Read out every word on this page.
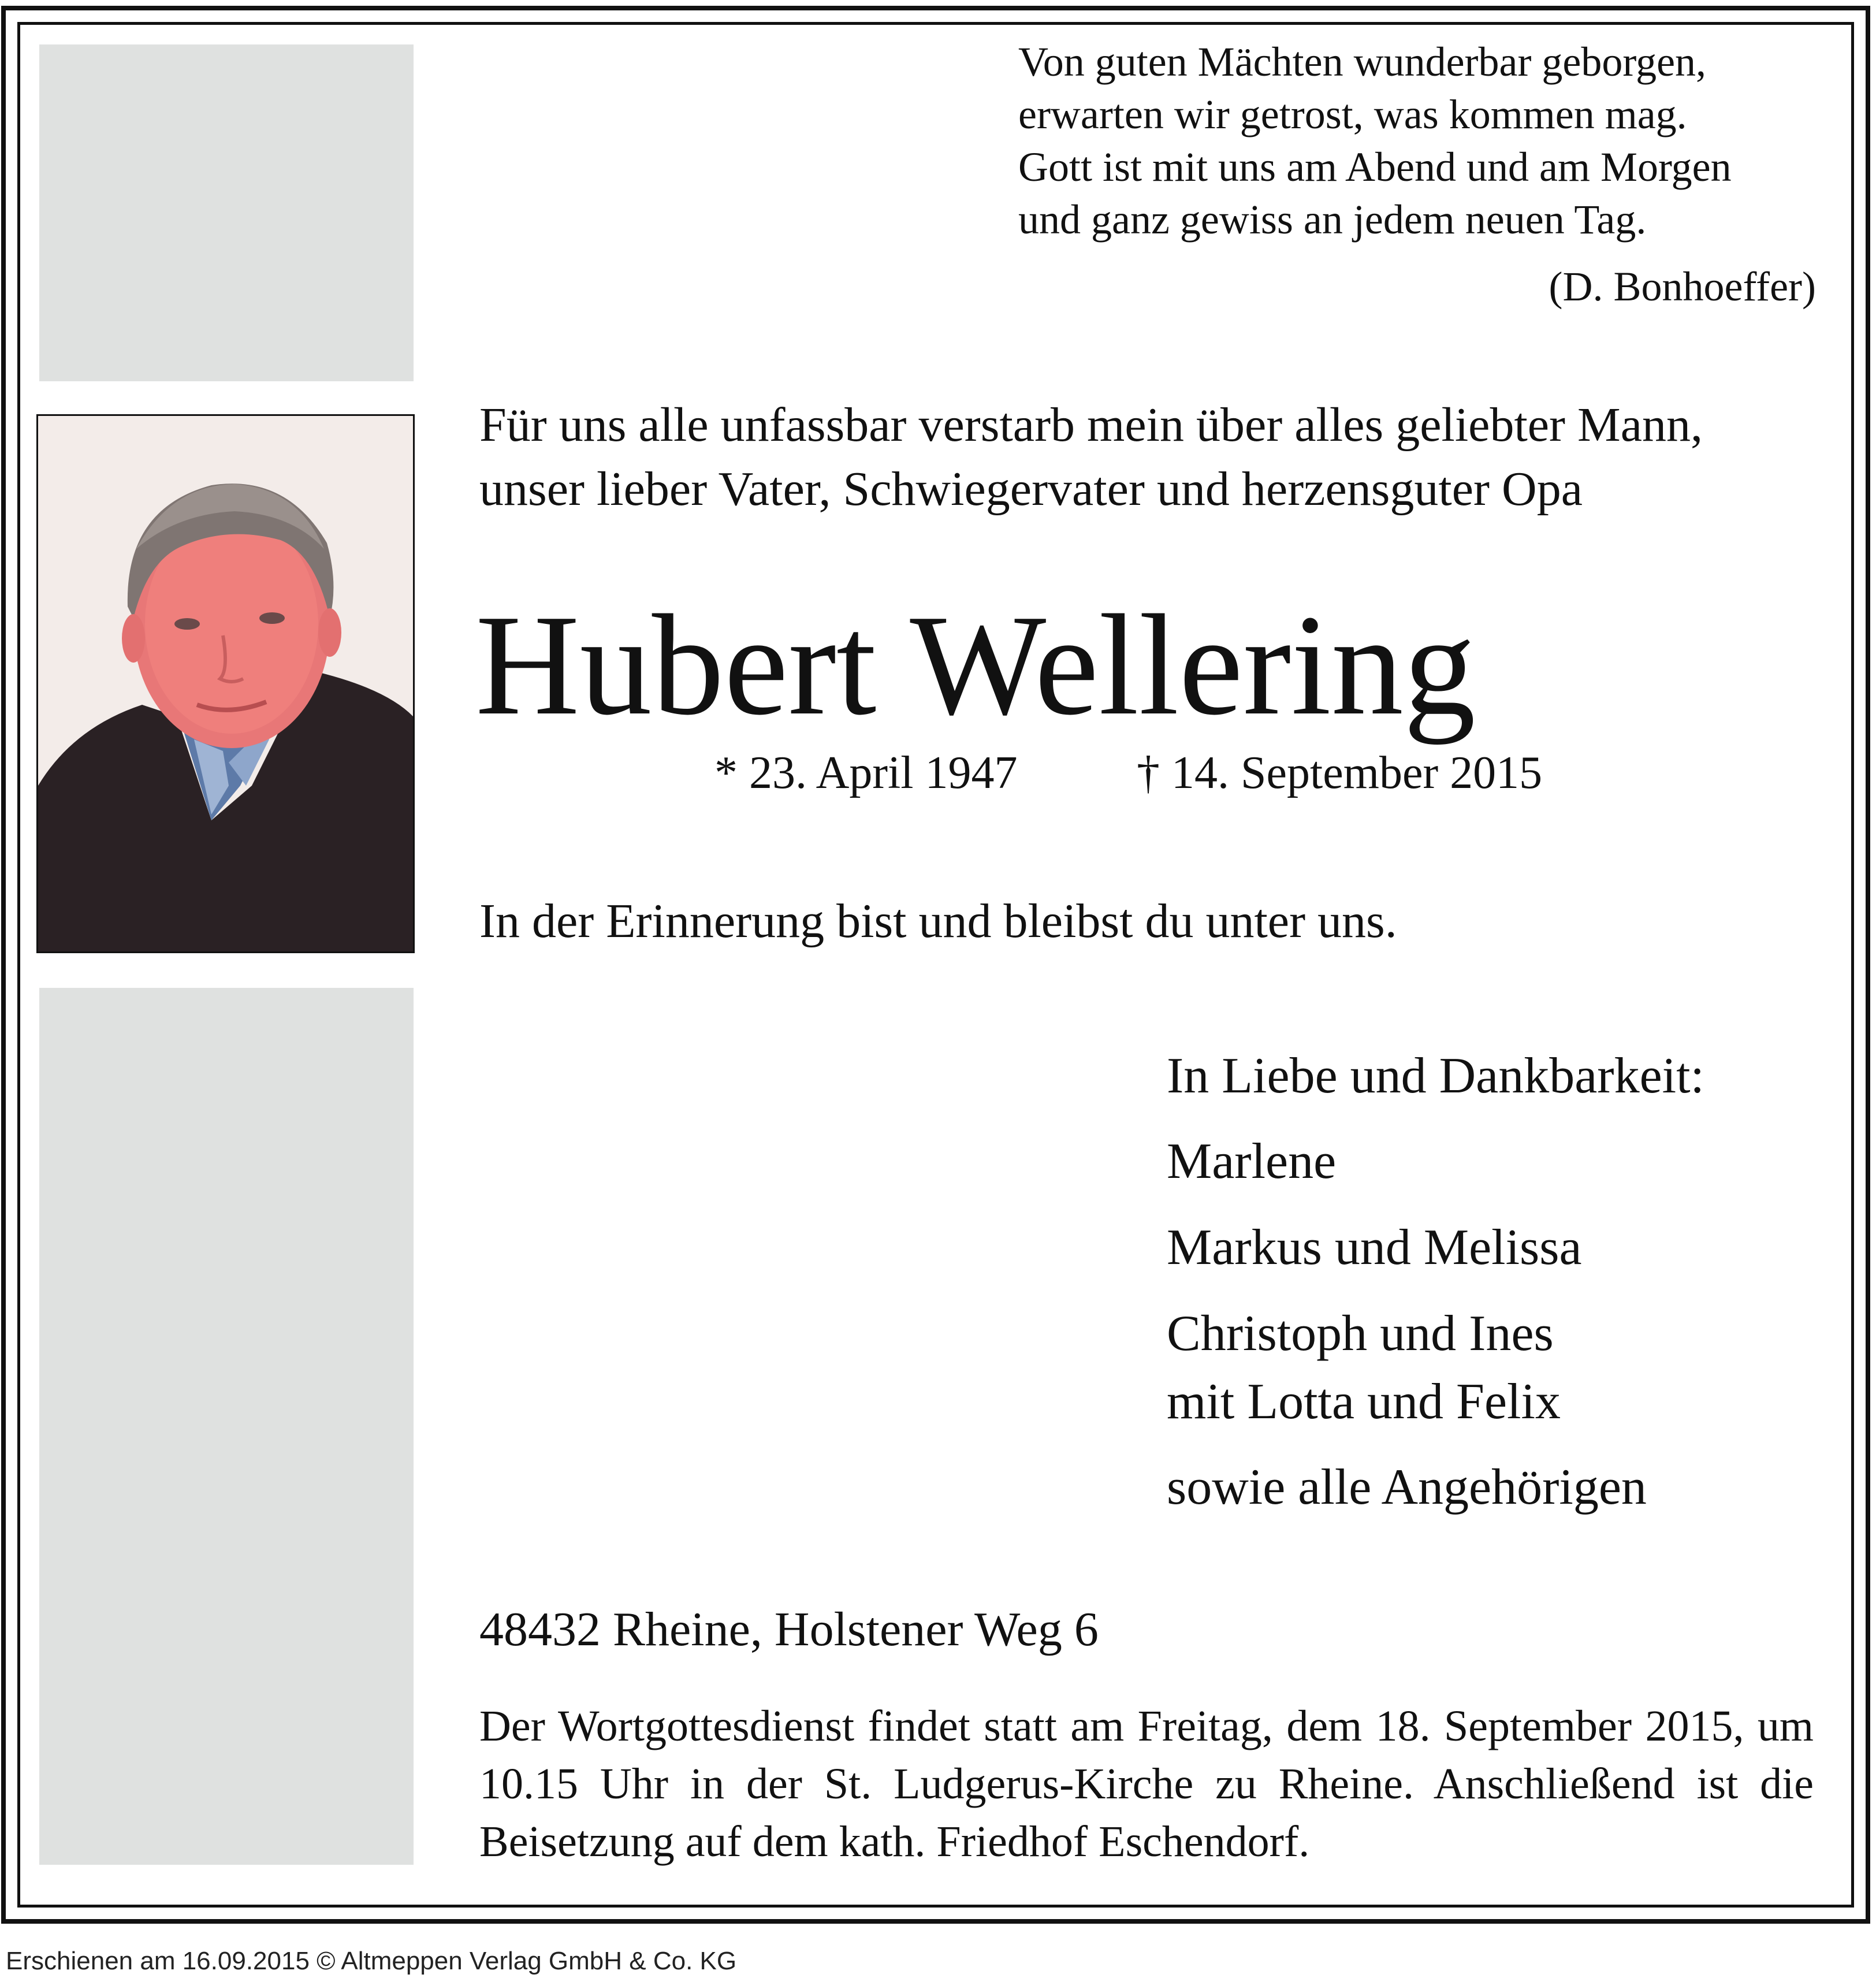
Von guten Mächten wunderbar geborgen,
erwarten wir getrost, was kommen mag.
Gott ist mit uns am Abend und am Morgen
und ganz gewiss an jedem neuen Tag.
(D. Bonhoeffer)
Für uns alle unfassbar verstarb mein über alles geliebter Mann,
unser lieber Vater, Schwiegervater und herzensguter Opa
Hubert Wellering
* 23. April 1947	† 14. September 2015
In der Erinnerung bist und bleibst du unter uns.
In Liebe und Dankbarkeit:
Marlene
Markus und Melissa
Christoph und Ines
mit Lotta und Felix
sowie alle Angehörigen
48432 Rheine, Holstener Weg 6
Der Wortgottesdienst findet statt am Freitag, dem 18. September 2015, um 10.15 Uhr in der St. Ludgerus-Kirche zu Rheine. Anschließend ist die Beisetzung auf dem kath. Friedhof Eschendorf.
Erschienen am 16.09.2015 © Altmeppen Verlag GmbH & Co. KG
